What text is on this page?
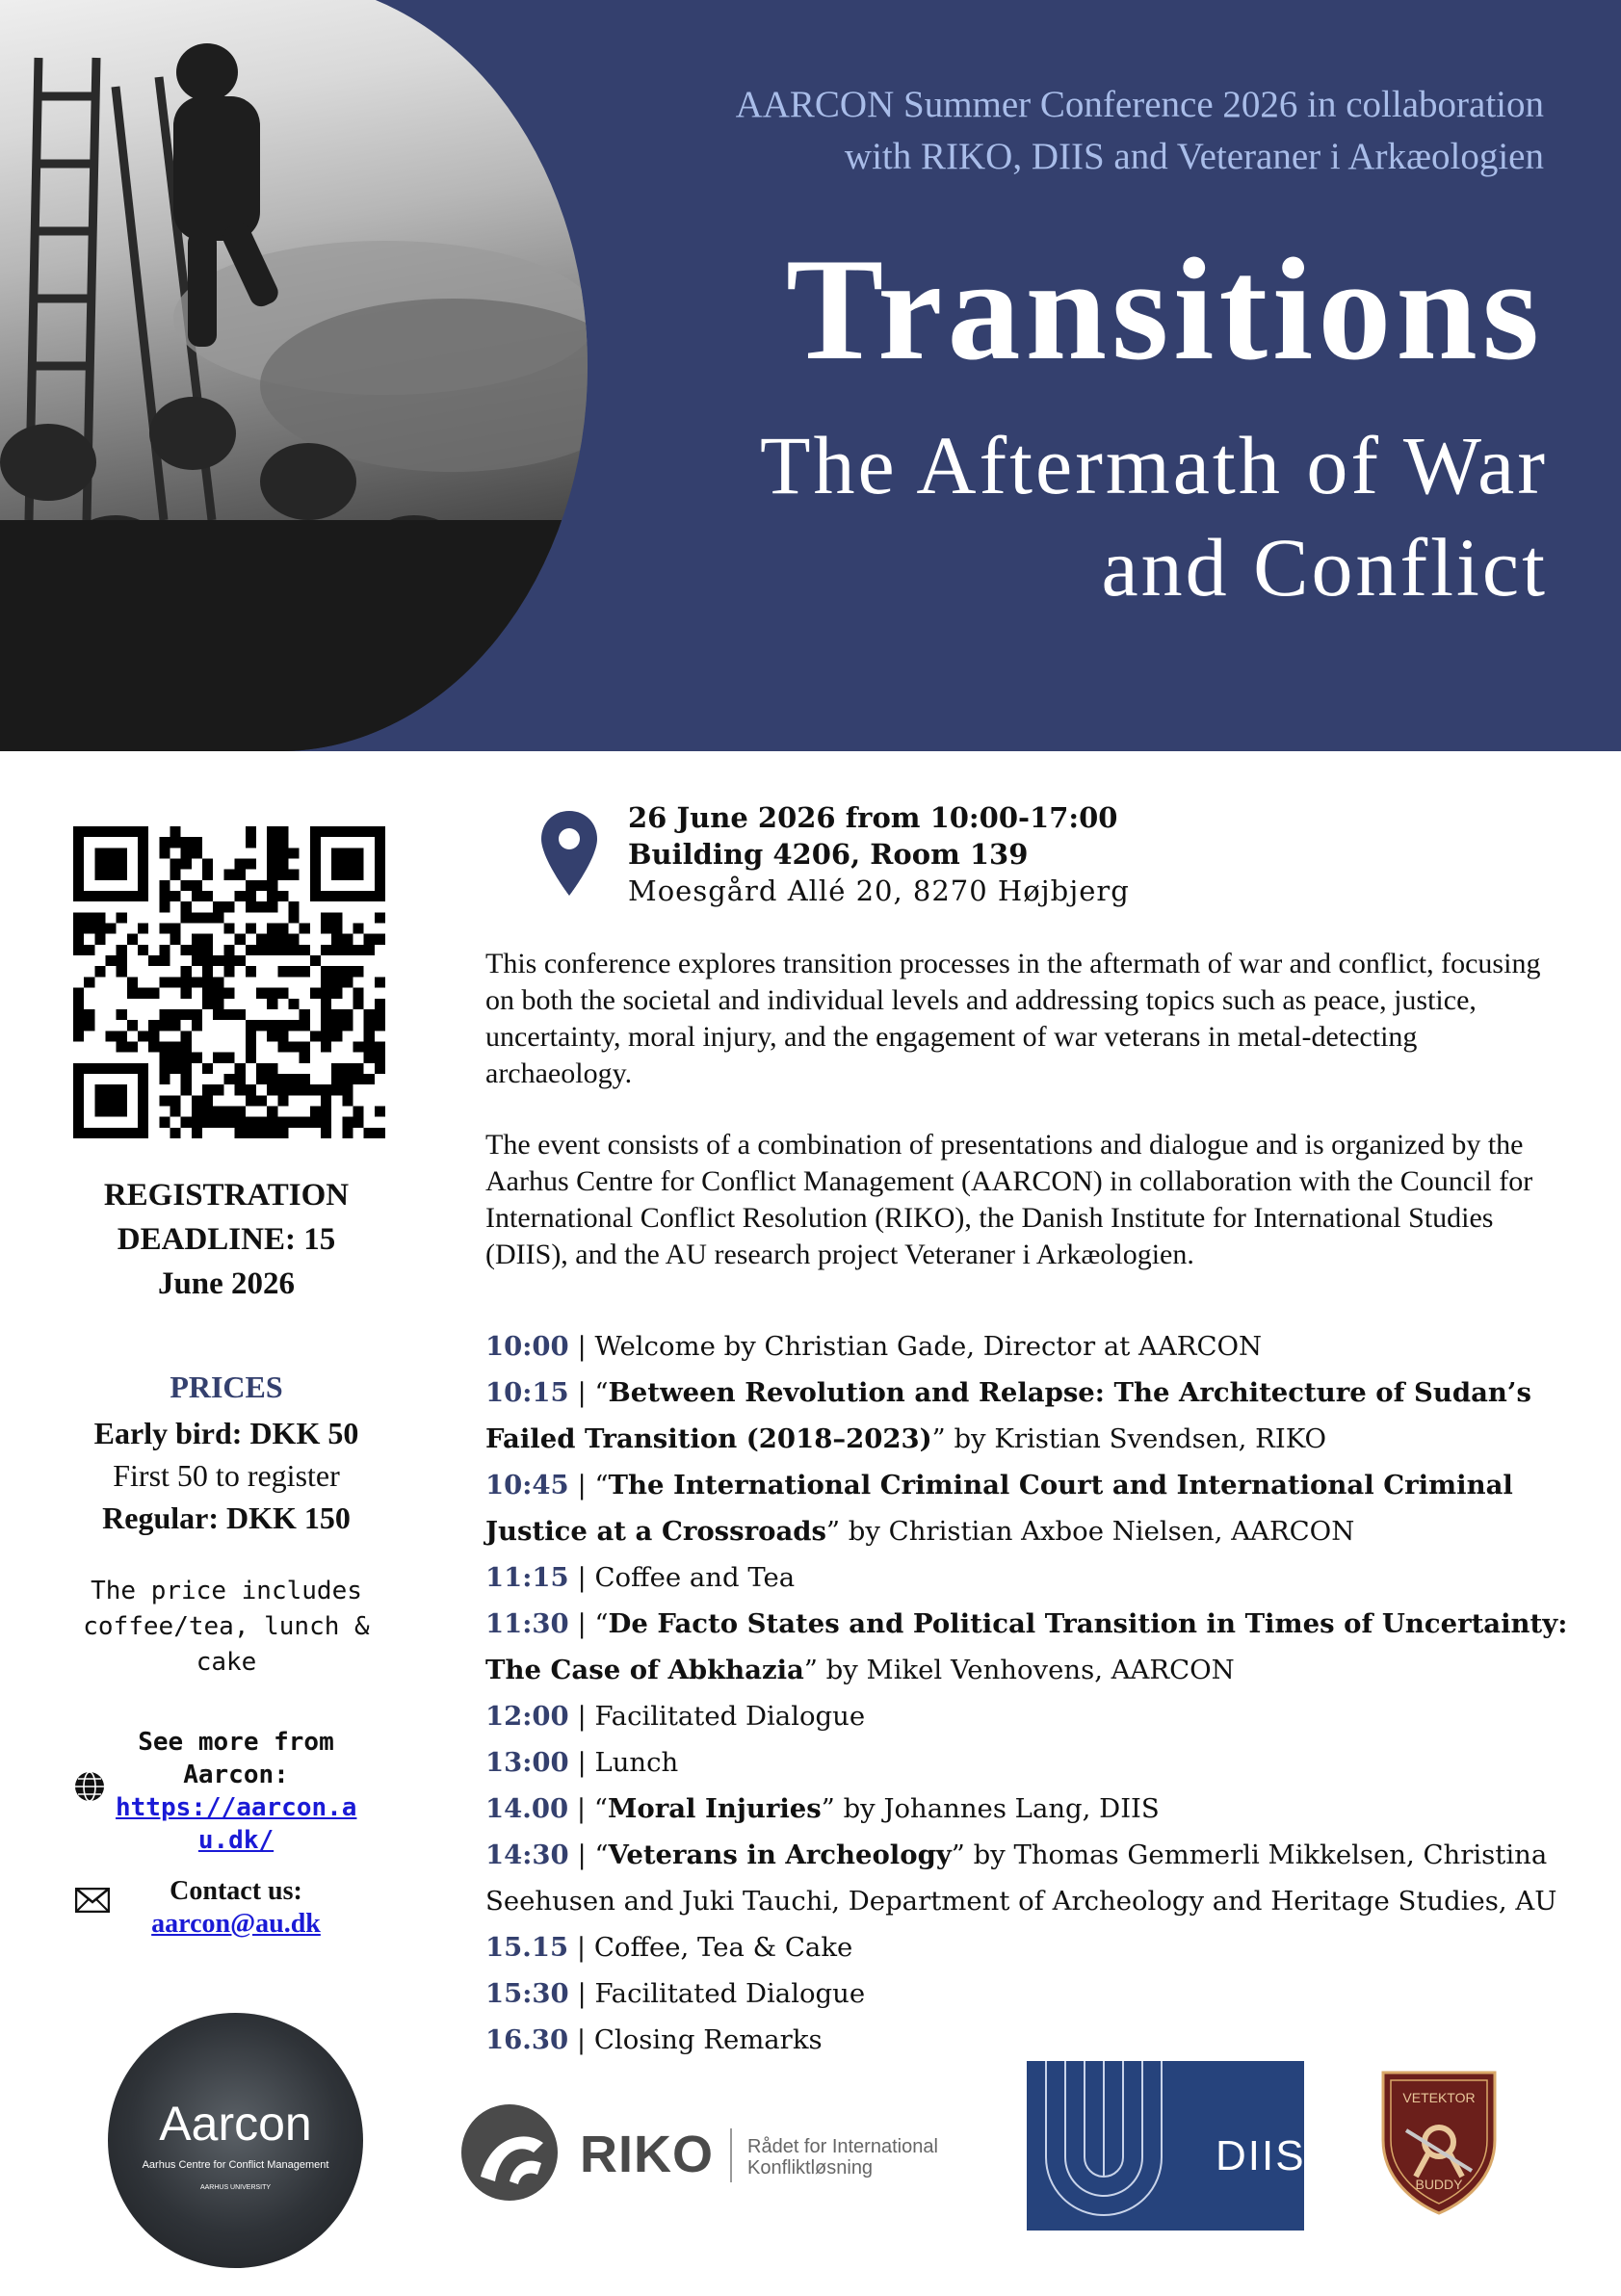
AARCON Summer Conference 2026 in collaboration
with RIKO, DIIS and Veteraner i Arkæologien
Transitions
The Aftermath of War
and Conflict
REGISTRATION
DEADLINE: 15
June 2026
PRICES
Early bird: DKK 50
First 50 to register
Regular: DKK 150
The price includes
coffee/tea, lunch & cake
See more from
Aarcon:
https://aarcon.a
u.dk/
Contact us:
aarcon@au.dk
26 June 2026 from 10:00-17:00
Building 4206, Room 139
Moesgård Allé 20, 8270 Højbjerg
This conference explores transition processes in the aftermath of war and conflict, focusing on both the societal and individual levels and addressing topics such as peace, justice, uncertainty, moral injury, and the engagement of war veterans in metal-detecting archaeology.
The event consists of a combination of presentations and dialogue and is organized by the Aarhus Centre for Conflict Management (AARCON) in collaboration with the Council for International Conflict Resolution (RIKO), the Danish Institute for International Studies (DIIS), and the AU research project Veteraner i Arkæologien.
10:00 | Welcome by Christian Gade, Director at AARCON
10:15 | “Between Revolution and Relapse: The Architecture of Sudan’s Failed Transition (2018–2023)” by Kristian Svendsen, RIKO
10:45 | “The International Criminal Court and International Criminal Justice at a Crossroads” by Christian Axboe Nielsen, AARCON
11:15 | Coffee and Tea
11:30 | “De Facto States and Political Transition in Times of Uncertainty: The Case of Abkhazia” by Mikel Venhovens, AARCON
12:00 | Facilitated Dialogue
13:00 | Lunch
14.00 | “Moral Injuries” by Johannes Lang, DIIS
14:30 | “Veterans in Archeology” by Thomas Gemmerli Mikkelsen, Christina Seehusen and Juki Tauchi, Department of Archeology and Heritage Studies, AU
15.15 | Coffee, Tea & Cake
15:30 | Facilitated Dialogue
16.30 | Closing Remarks
Aarcon
Aarhus Centre for Conflict Management
AARHUS UNIVERSITY
RIKO Rådet for International
Konfliktløsning	DIIS
VETEKTOR
BUDDY
